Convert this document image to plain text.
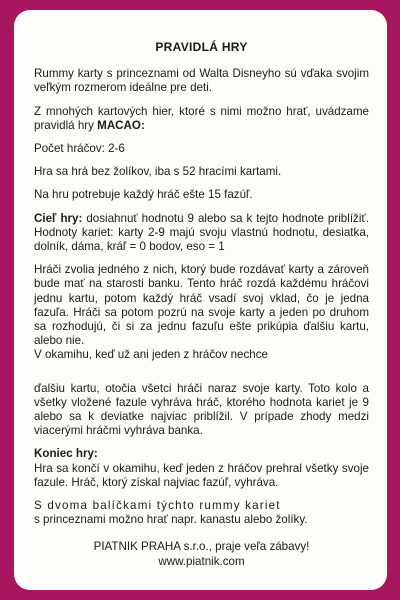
PRAVIDLÁ HRY

Rummy karty s princeznami od Walta Disneyho sú vďaka svojim veľkým rozmerom ideálne pre deti.

Z mnohých kartových hier, ktoré s nimi možno hrať, uvádzame pravidlá hry MACAO:

Počet hráčov: 2-6

Hra sa hrá bez žolíkov, iba s 52 hracími kartami.

Na hru potrebuje každý hráč ešte 15 fazúľ.

Cieľ hry: dosiahnuť hodnotu 9 alebo sa k tejto hodnote priblížiť. Hodnoty kariet: karty 2-9 majú svoju vlastnú hodnotu, desiatka, dolník, dáma, kráľ = 0 bodov, eso = 1

Hráči zvolia jedného z nich, ktorý bude rozdávať karty a zároveň bude mať na starosti banku. Tento hráč rozdá každému hráčovi jednu kartu, potom každý hráč vsadí svoj vklad, čo je jedna fazuľa. Hráči sa potom pozrú na svoje karty a jeden po druhom sa rozhodujú, či si za jednu fazuľu ešte prikúpia ďalšiu kartu, alebo nie.

V okamihu, keď už ani jeden z hráčov nechce

ďalšiu kartu, otočia všetci hráči naraz svoje karty. Toto kolo a všetky vložené fazule vyhráva hráč, ktorého hodnota kariet je 9 alebo sa k deviatke najviac priblížil. V prípade zhody medzi viacerými hráčmi vyhráva banka.

Koniec hry:

Hra sa končí v okamihu, keď jeden z hráčov prehral všetky svoje fazule. Hráč, ktorý získal najviac fazúľ, vyhráva.

S dvoma balíčkami týchto rummy kariet

s princeznami možno hrať napr. kanastu alebo žolíky.

PIATNIK PRAHA s.r.o., praje veľa zábavy!
www.piatnik.com
